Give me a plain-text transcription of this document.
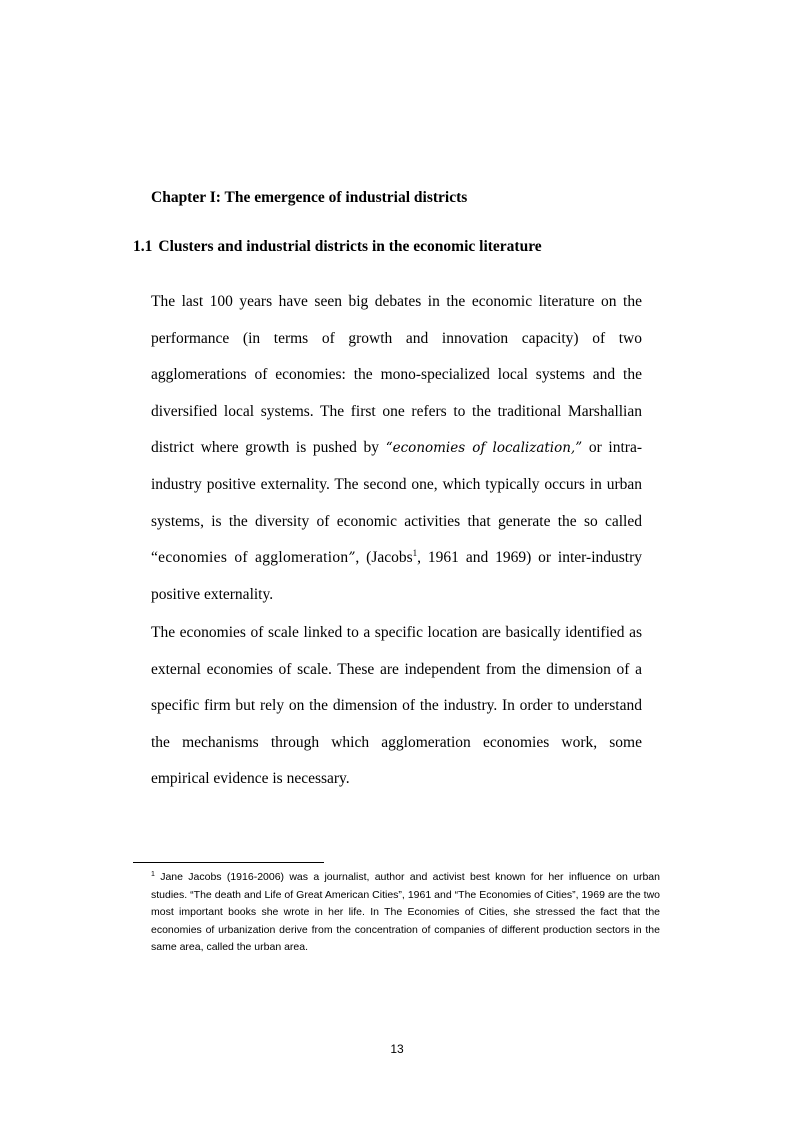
Chapter I: The emergence of industrial districts
1.1 Clusters and industrial districts in the economic literature

The last 100 years have seen big debates in the economic literature on the performance (in terms of growth and innovation capacity) of two agglomerations of economies: the mono-specialized local systems and the diversified local systems. The first one refers to the traditional Marshallian district where growth is pushed by “economies of localization,” or intra-industry positive externality. The second one, which typically occurs in urban systems, is the diversity of economic activities that generate the so called “economies of agglomeration”, (Jacobs$^1$, 1961 and 1969) or inter-industry positive externality.

The economies of scale linked to a specific location are basically identified as external economies of scale. These are independent from the dimension of a specific firm but rely on the dimension of the industry. In order to understand the mechanisms through which agglomeration economies work, some empirical evidence is necessary.

$^1$ Jane Jacobs (1916-2006) was a journalist, author and activist best known for her influence on urban studies. “The death and Life of Great American Cities”, 1961 and “The Economies of Cities”, 1969 are the two most important books she wrote in her life. In The Economies of Cities, she stressed the fact that the economies of urbanization derive from the concentration of companies of different production sectors in the same area, called the urban area.

13
